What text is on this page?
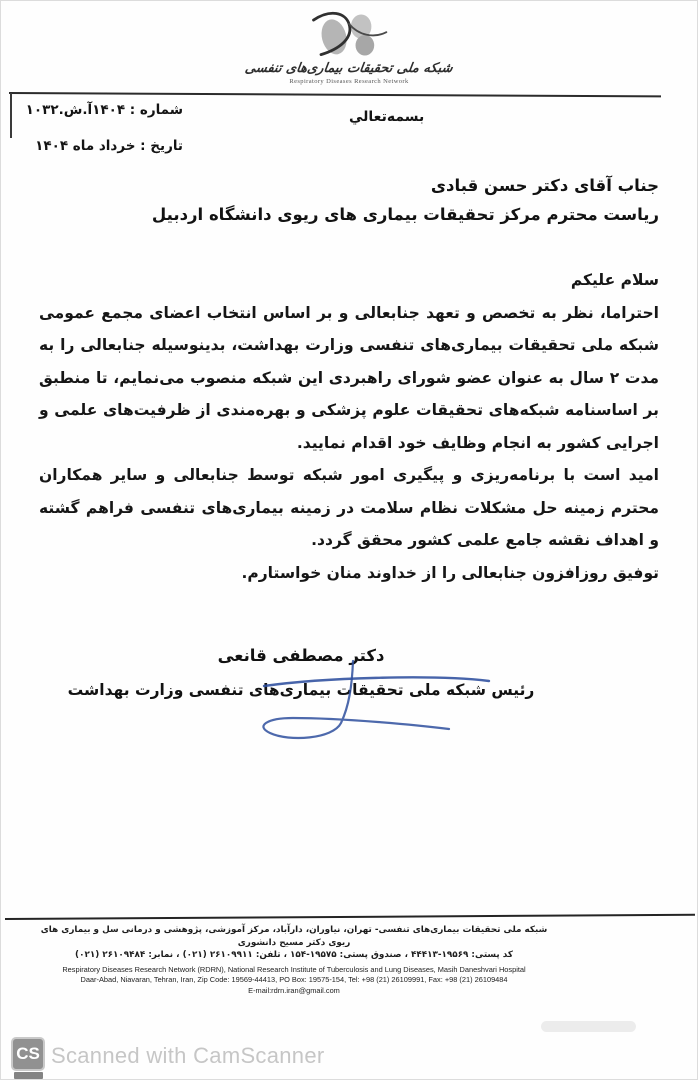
شبکه ملی تحقیقات بیماری‌های تنفسی
Respiratory Diseases Research Network
شماره : ۱۴۰۴آ.ش.۱۰۳۲
تاریخ : خرداد ماه ۱۴۰۴
بسمه‌تعالي
جناب آقای دکتر حسن قبادی
ریاست محترم مرکز تحقیقات بیماری های ریوی دانشگاه اردبیل

سلام علیکم

احتراما، نظر به تخصص و تعهد جنابعالی و بر اساس انتخاب اعضای مجمع عمومی شبکه ملی تحقیقات بیماری‌های تنفسی وزارت بهداشت، بدینوسیله جنابعالی را به مدت ۲ سال به عنوان عضو شورای راهبردی این شبکه منصوب می‌نمایم، تا منطبق بر اساسنامه شبکه‌های تحقیقات علوم پزشکی و بهره‌مندی از ظرفیت‌های علمی و اجرایی کشور به انجام وظایف خود اقدام نمایید.

امید است با برنامه‌ریزی و پیگیری امور شبکه توسط جنابعالی و سایر همکاران محترم زمینه حل مشکلات نظام سلامت در زمینه بیماری‌های تنفسی فراهم گشته و اهداف نقشه جامع علمی کشور محقق گردد.

توفیق روزافزون جنابعالی را از خداوند منان خواستارم.

دکتر مصطفی قانعی
رئیس شبکه ملی تحقیقات بیماری‌های تنفسی وزارت بهداشت
شبکه ملی تحقیقات بیماری‌های تنفسی- تهران، نیاوران، دارآباد، مرکز آموزشی، پژوهشی و درمانی سل و بیماری های ریوی دکتر مسیح دانشوری
کد پستی: ۱۹۵۶۹-۴۴۴۱۳ ، صندوق پستی: ۱۹۵۷۵-۱۵۴ ، تلفن: ۲۶۱۰۹۹۱۱ (۰۲۱) ، نمابر: ۲۶۱۰۹۴۸۴ (۰۲۱)
Respiratory Diseases Research Network (RDRN), National Research Institute of Tuberculosis and Lung Diseases, Masih Daneshvari Hospital
Daar-Abad, Niavaran, Tehran, Iran, Zip Code: 19569-44413, PO Box: 19575-154, Tel: +98 (21) 26109991, Fax: +98 (21) 26109484
E-mail:rdrn.iran@gmail.com
CS Scanned with CamScanner
